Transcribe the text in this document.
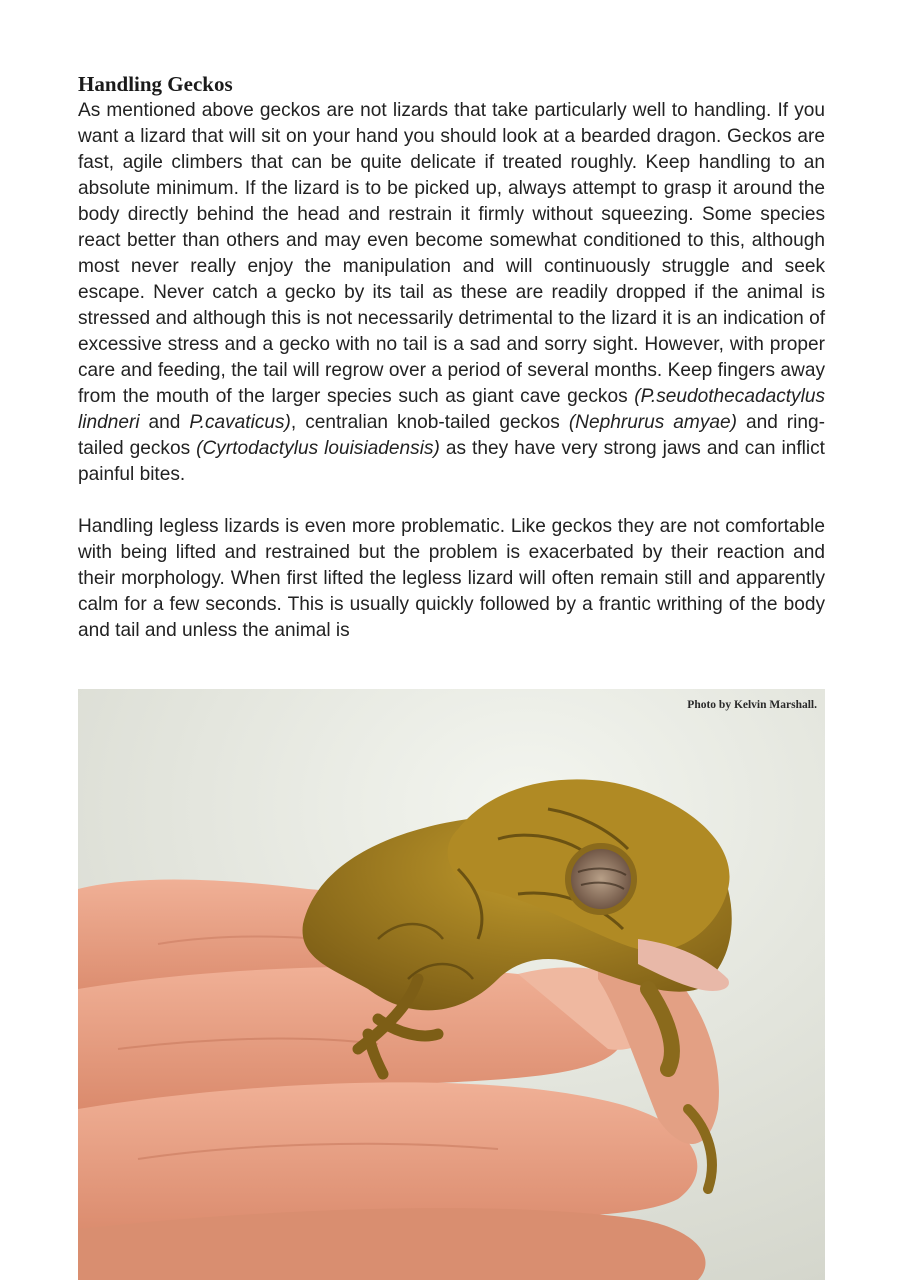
Handling Geckos

As mentioned above geckos are not lizards that take particularly well to handling. If you want a lizard that will sit on your hand you should look at a bearded dragon. Geckos are fast, agile climbers that can be quite delicate if treated roughly. Keep handling to an absolute minimum. If the lizard is to be picked up, always attempt to grasp it around the body directly behind the head and restrain it firmly without squeezing. Some species react better than others and may even become somewhat conditioned to this, although most never really enjoy the manipulation and will continuously struggle and seek escape. Never catch a gecko by its tail as these are readily dropped if the animal is stressed and although this is not necessarily detrimental to the lizard it is an indication of excessive stress and a gecko with no tail is a sad and sorry sight. However, with proper care and feeding, the tail will regrow over a period of several months. Keep fingers away from the mouth of the larger species such as giant cave geckos (P.seudothecadactylus lindneri and P.cavaticus), centralian knob-tailed geckos (Nephrurus amyae) and ring-tailed geckos (Cyrtodactylus louisiadensis) as they have very strong jaws and can inflict painful bites.

Handling legless lizards is even more problematic. Like geckos they are not comfortable with being lifted and restrained but the problem is exacerbated by their reaction and their morphology. When first lifted the legless lizard will often remain still and apparently calm for a few seconds. This is usually quickly followed by a frantic writhing of the body and tail and unless the animal is

Photo by Kelvin Marshall.
